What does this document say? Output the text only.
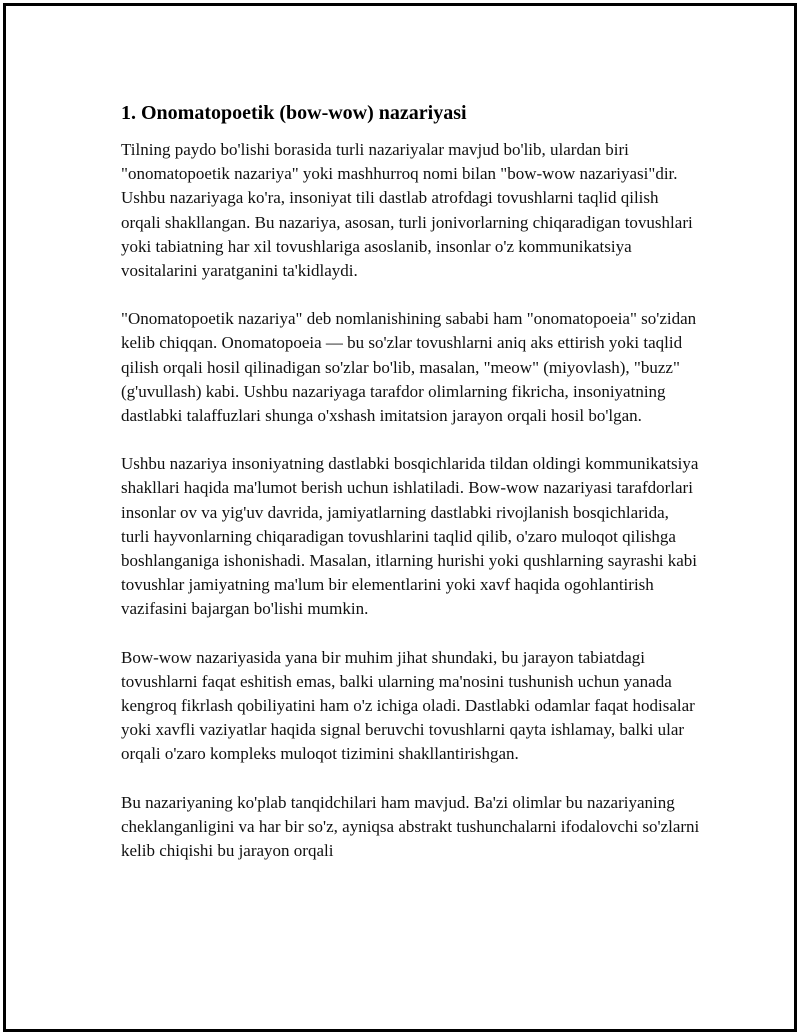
1. Onomatopoetik (bow-wow) nazariyasi

Tilning paydo bo'lishi borasida turli nazariyalar mavjud bo'lib, ulardan biri "onomatopoetik nazariya" yoki mashhurroq nomi bilan "bow-wow nazariyasi"dir. Ushbu nazariyaga ko'ra, insoniyat tili dastlab atrofdagi tovushlarni taqlid qilish orqali shakllangan. Bu nazariya, asosan, turli jonivorlarning chiqaradigan tovushlari yoki tabiatning har xil tovushlariga asoslanib, insonlar o'z kommunikatsiya vositalarini yaratganini ta'kidlaydi.

"Onomatopoetik nazariya" deb nomlanishining sababi ham "onomatopoeia" so'zidan kelib chiqqan. Onomatopoeia — bu so'zlar tovushlarni aniq aks ettirish yoki taqlid qilish orqali hosil qilinadigan so'zlar bo'lib, masalan, "meow" (miyovlash), "buzz" (g'uvullash) kabi. Ushbu nazariyaga tarafdor olimlarning fikricha, insoniyatning dastlabki talaffuzlari shunga o'xshash imitatsion jarayon orqali hosil bo'lgan.

Ushbu nazariya insoniyatning dastlabki bosqichlarida tildan oldingi kommunikatsiya shakllari haqida ma'lumot berish uchun ishlatiladi. Bow-wow nazariyasi tarafdorlari insonlar ov va yig'uv davrida, jamiyatlarning dastlabki rivojlanish bosqichlarida, turli hayvonlarning chiqaradigan tovushlarini taqlid qilib, o'zaro muloqot qilishga boshlanganiga ishonishadi. Masalan, itlarning hurishi yoki qushlarning sayrashi kabi tovushlar jamiyatning ma'lum bir elementlarini yoki xavf haqida ogohlantirish vazifasini bajargan bo'lishi mumkin.

Bow-wow nazariyasida yana bir muhim jihat shundaki, bu jarayon tabiatdagi tovushlarni faqat eshitish emas, balki ularning ma'nosini tushunish uchun yanada kengroq fikrlash qobiliyatini ham o'z ichiga oladi. Dastlabki odamlar faqat hodisalar yoki xavfli vaziyatlar haqida signal beruvchi tovushlarni qayta ishlamay, balki ular orqali o'zaro kompleks muloqot tizimini shakllantirishgan.

Bu nazariyaning ko'plab tanqidchilari ham mavjud. Ba'zi olimlar bu nazariyaning cheklanganligini va har bir so'z, ayniqsa abstrakt tushunchalarni ifodalovchi so'zlarni kelib chiqishi bu jarayon orqali
